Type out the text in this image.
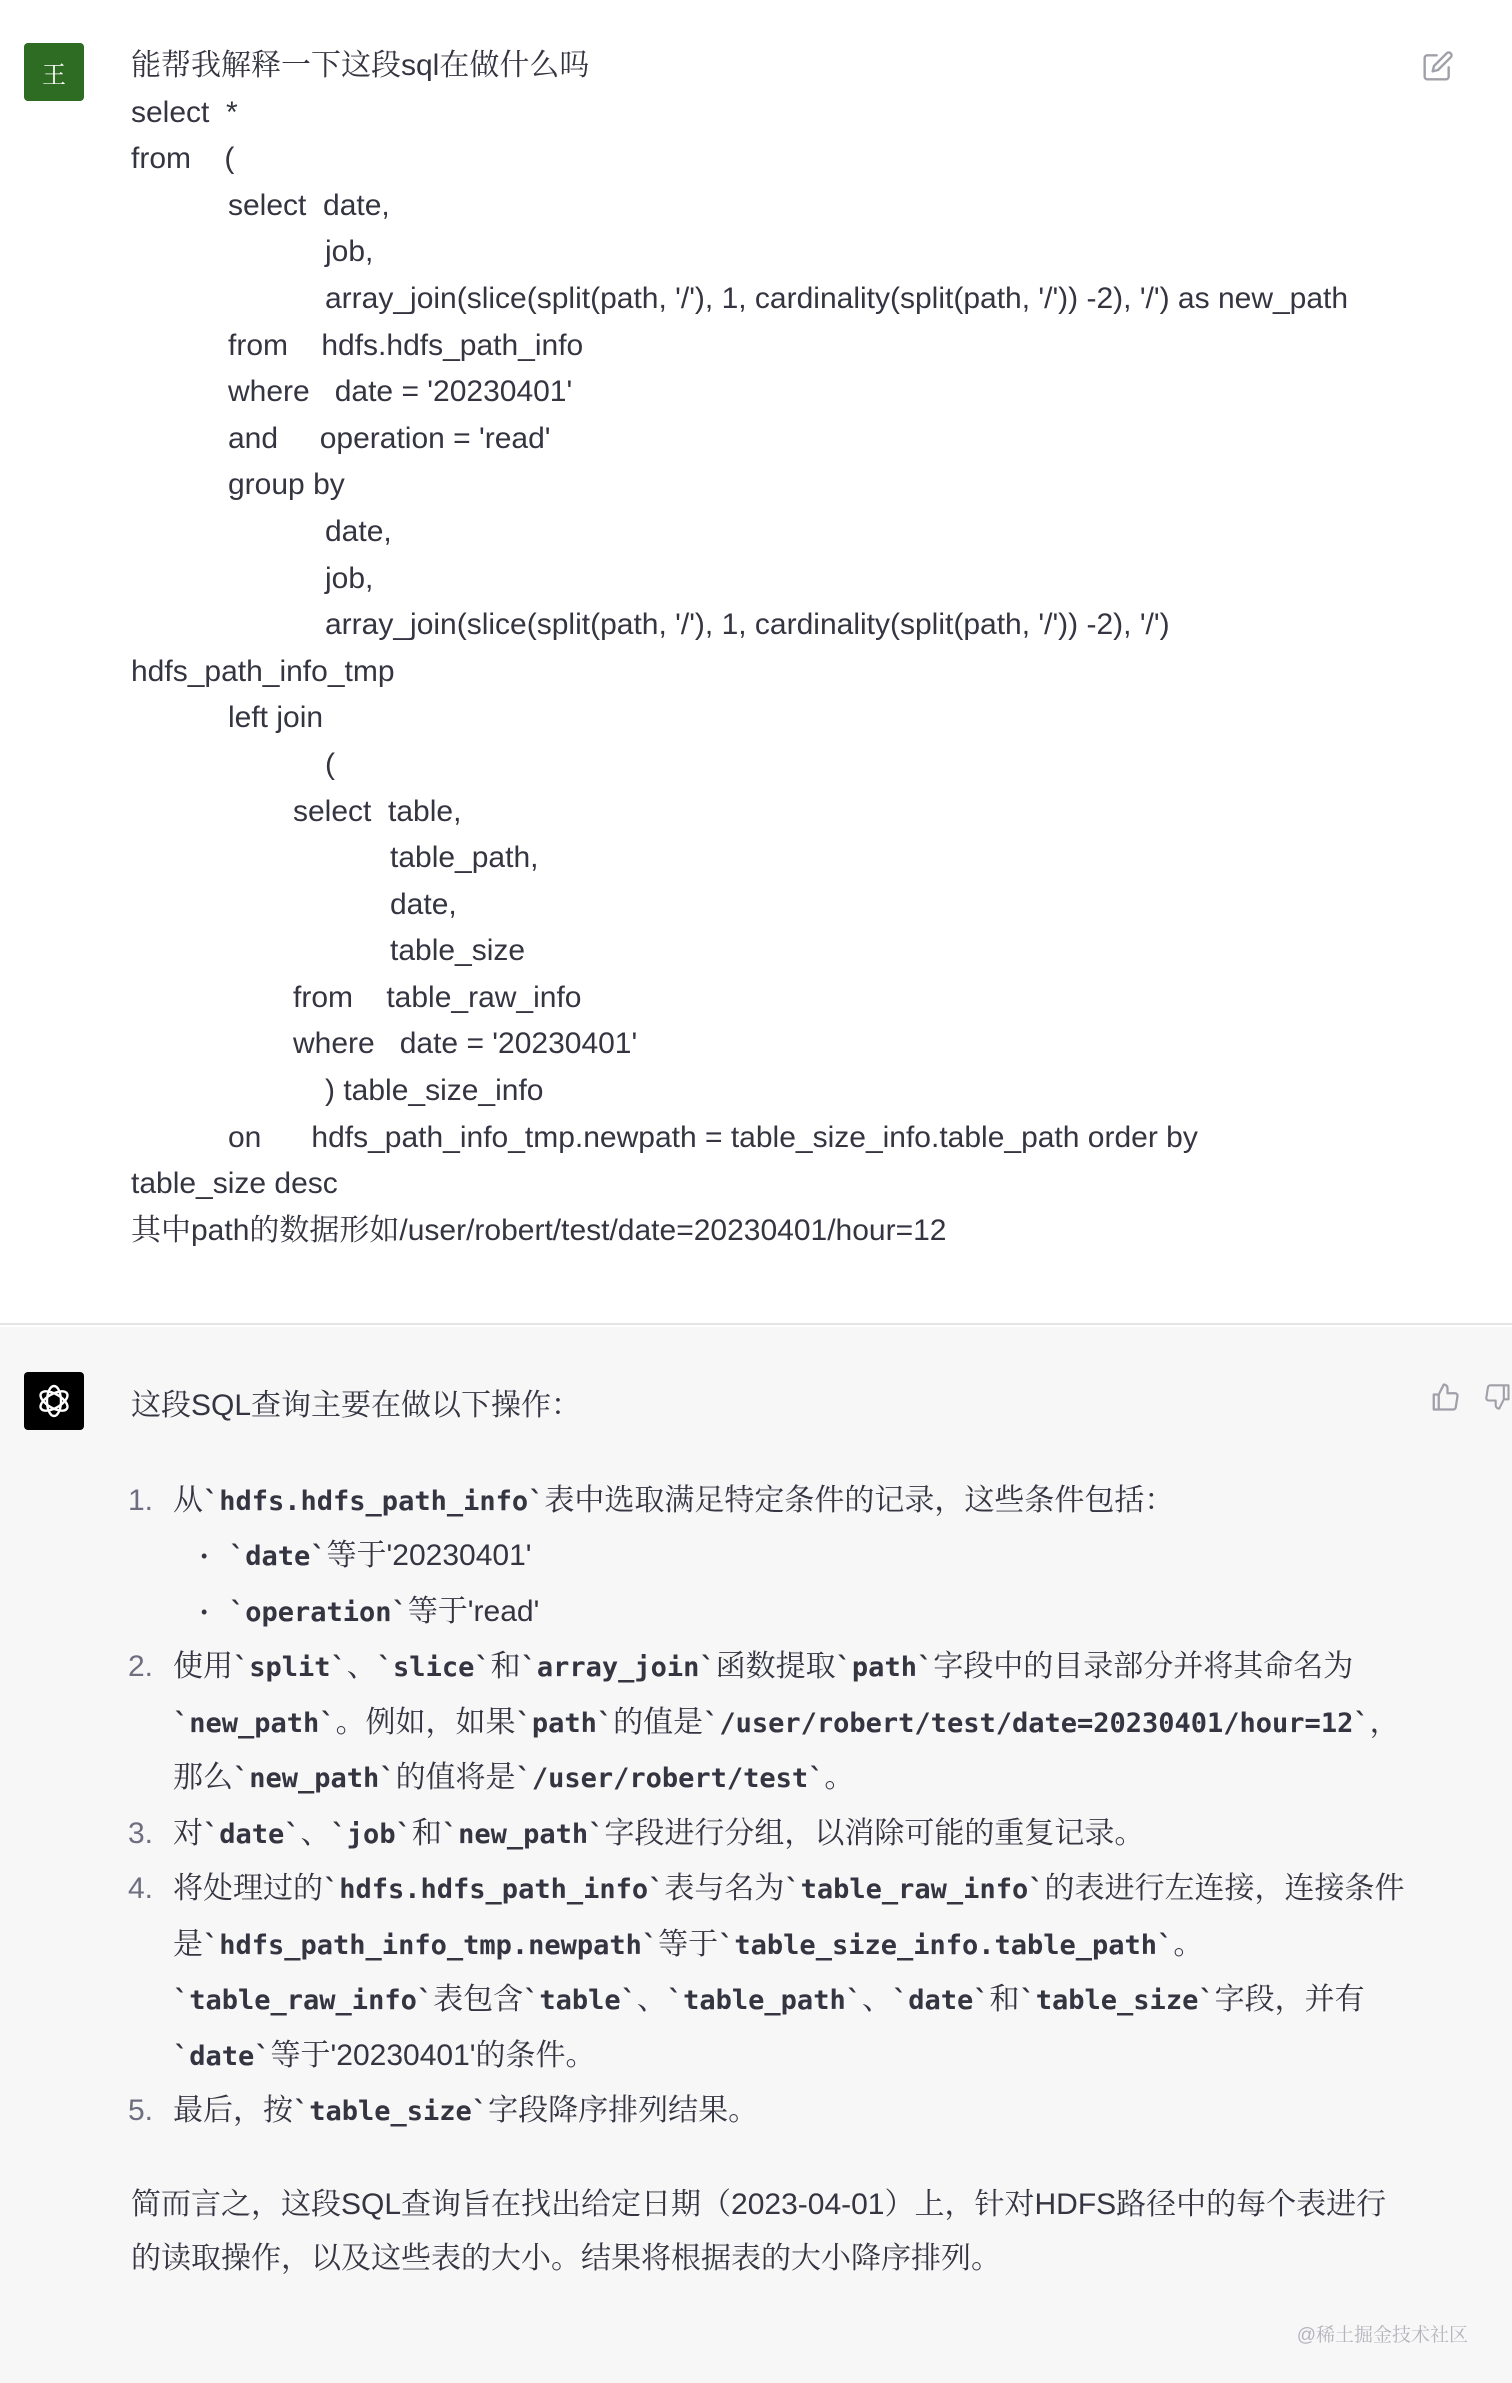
王 能帮我解释一下这段sql在做什么吗
select  *
from    (
select  date,
job,
array_join(slice(split(path, '/'), 1, cardinality(split(path, '/')) -2), '/') as new_path
from    hdfs.hdfs_path_info
where   date = '20230401'
and     operation = 'read'
group by
date,
job,
array_join(slice(split(path, '/'), 1, cardinality(split(path, '/')) -2), '/')
hdfs_path_info_tmp
left join
(
select  table,
table_path,
date,
table_size
from    table_raw_info
where   date = '20230401'
) table_size_info
on      hdfs_path_info_tmp.newpath = table_size_info.table_path order by
table_size desc
其中path的数据形如/user/robert/test/date=20230401/hour=12

这段SQL查询主要在做以下操作：

1. 从`hdfs.hdfs_path_info`表中选取满足特定条件的记录，这些条件包括：
• `date`等于'20230401'
• `operation`等于'read'
2. 使用`split`、`slice`和`array_join`函数提取`path`字段中的目录部分并将其命名为`new_path`。例如，如果`path`的值是`/user/robert/test/date=20230401/hour=12`，那么`new_path`的值将是`/user/robert/test`。
3. 对`date`、`job`和`new_path`字段进行分组，以消除可能的重复记录。
4. 将处理过的`hdfs.hdfs_path_info`表与名为`table_raw_info`的表进行左连接，连接条件是`hdfs_path_info_tmp.newpath`等于`table_size_info.table_path`。`table_raw_info`表包含`table`、`table_path`、`date`和`table_size`字段，并有`date`等于'20230401'的条件。
5. 最后，按`table_size`字段降序排列结果。

简而言之，这段SQL查询旨在找出给定日期（2023-04-01）上，针对HDFS路径中的每个表进行的读取操作，以及这些表的大小。结果将根据表的大小降序排列。

@稀土掘金技术社区
